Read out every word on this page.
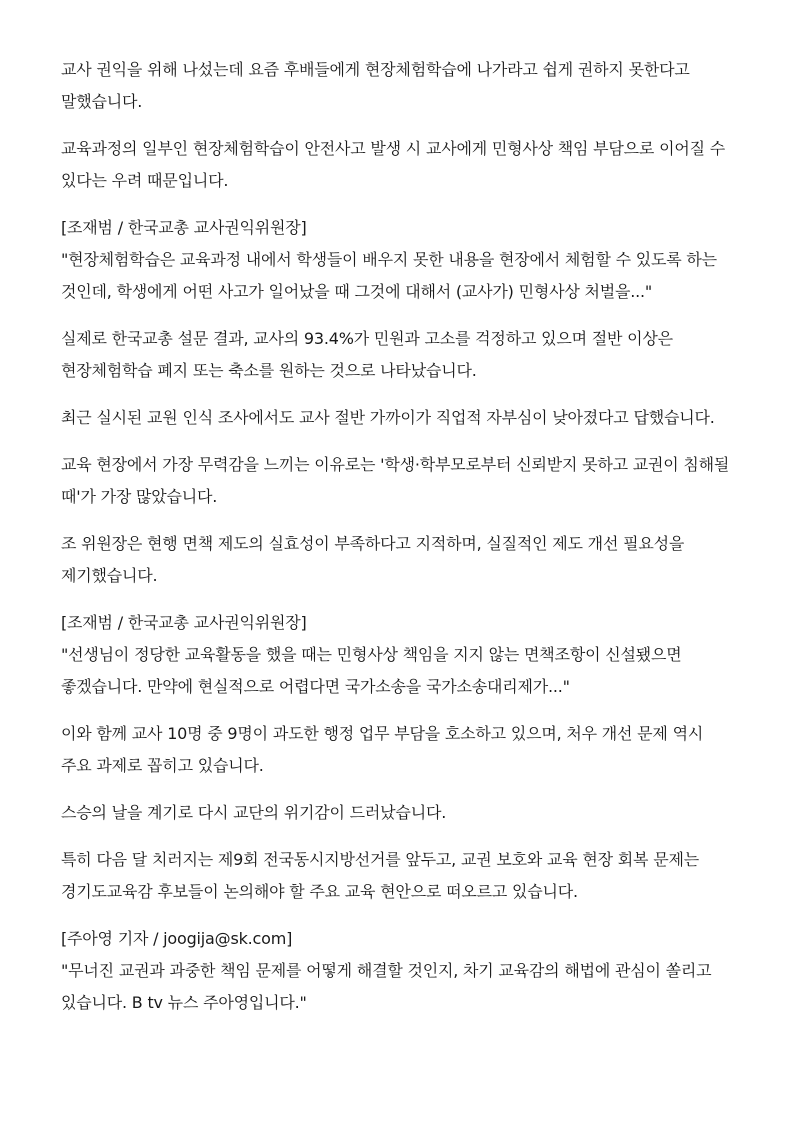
교사 권익을 위해 나섰는데 요즘 후배들에게 현장체험학습에 나가라고 쉽게 권하지 못한다고 말했습니다.

교육과정의 일부인 현장체험학습이 안전사고 발생 시 교사에게 민형사상 책임 부담으로 이어질 수 있다는 우려 때문입니다.

[조재범 / 한국교총 교사권익위원장]

"현장체험학습은 교육과정 내에서 학생들이 배우지 못한 내용을 현장에서 체험할 수 있도록 하는 것인데, 학생에게 어떤 사고가 일어났을 때 그것에 대해서 (교사가) 민형사상 처벌을..."

실제로 한국교총 설문 결과, 교사의 93.4%가 민원과 고소를 걱정하고 있으며 절반 이상은 현장체험학습 폐지 또는 축소를 원하는 것으로 나타났습니다.

최근 실시된 교원 인식 조사에서도 교사 절반 가까이가 직업적 자부심이 낮아졌다고 답했습니다.

교육 현장에서 가장 무력감을 느끼는 이유로는 '학생·학부모로부터 신뢰받지 못하고 교권이 침해될 때'가 가장 많았습니다.

조 위원장은 현행 면책 제도의 실효성이 부족하다고 지적하며, 실질적인 제도 개선 필요성을 제기했습니다.

[조재범 / 한국교총 교사권익위원장]

"선생님이 정당한 교육활동을 했을 때는 민형사상 책임을 지지 않는 면책조항이 신설됐으면 좋겠습니다. 만약에 현실적으로 어렵다면 국가소송을 국가소송대리제가..."

이와 함께 교사 10명 중 9명이 과도한 행정 업무 부담을 호소하고 있으며, 처우 개선 문제 역시 주요 과제로 꼽히고 있습니다.

스승의 날을 계기로 다시 교단의 위기감이 드러났습니다.

특히 다음 달 치러지는 제9회 전국동시지방선거를 앞두고, 교권 보호와 교육 현장 회복 문제는 경기도교육감 후보들이 논의해야 할 주요 교육 현안으로 떠오르고 있습니다.

[주아영 기자 / joogija@sk.com]

"무너진 교권과 과중한 책임 문제를 어떻게 해결할 것인지, 차기 교육감의 해법에 관심이 쏠리고 있습니다. B tv 뉴스 주아영입니다."
